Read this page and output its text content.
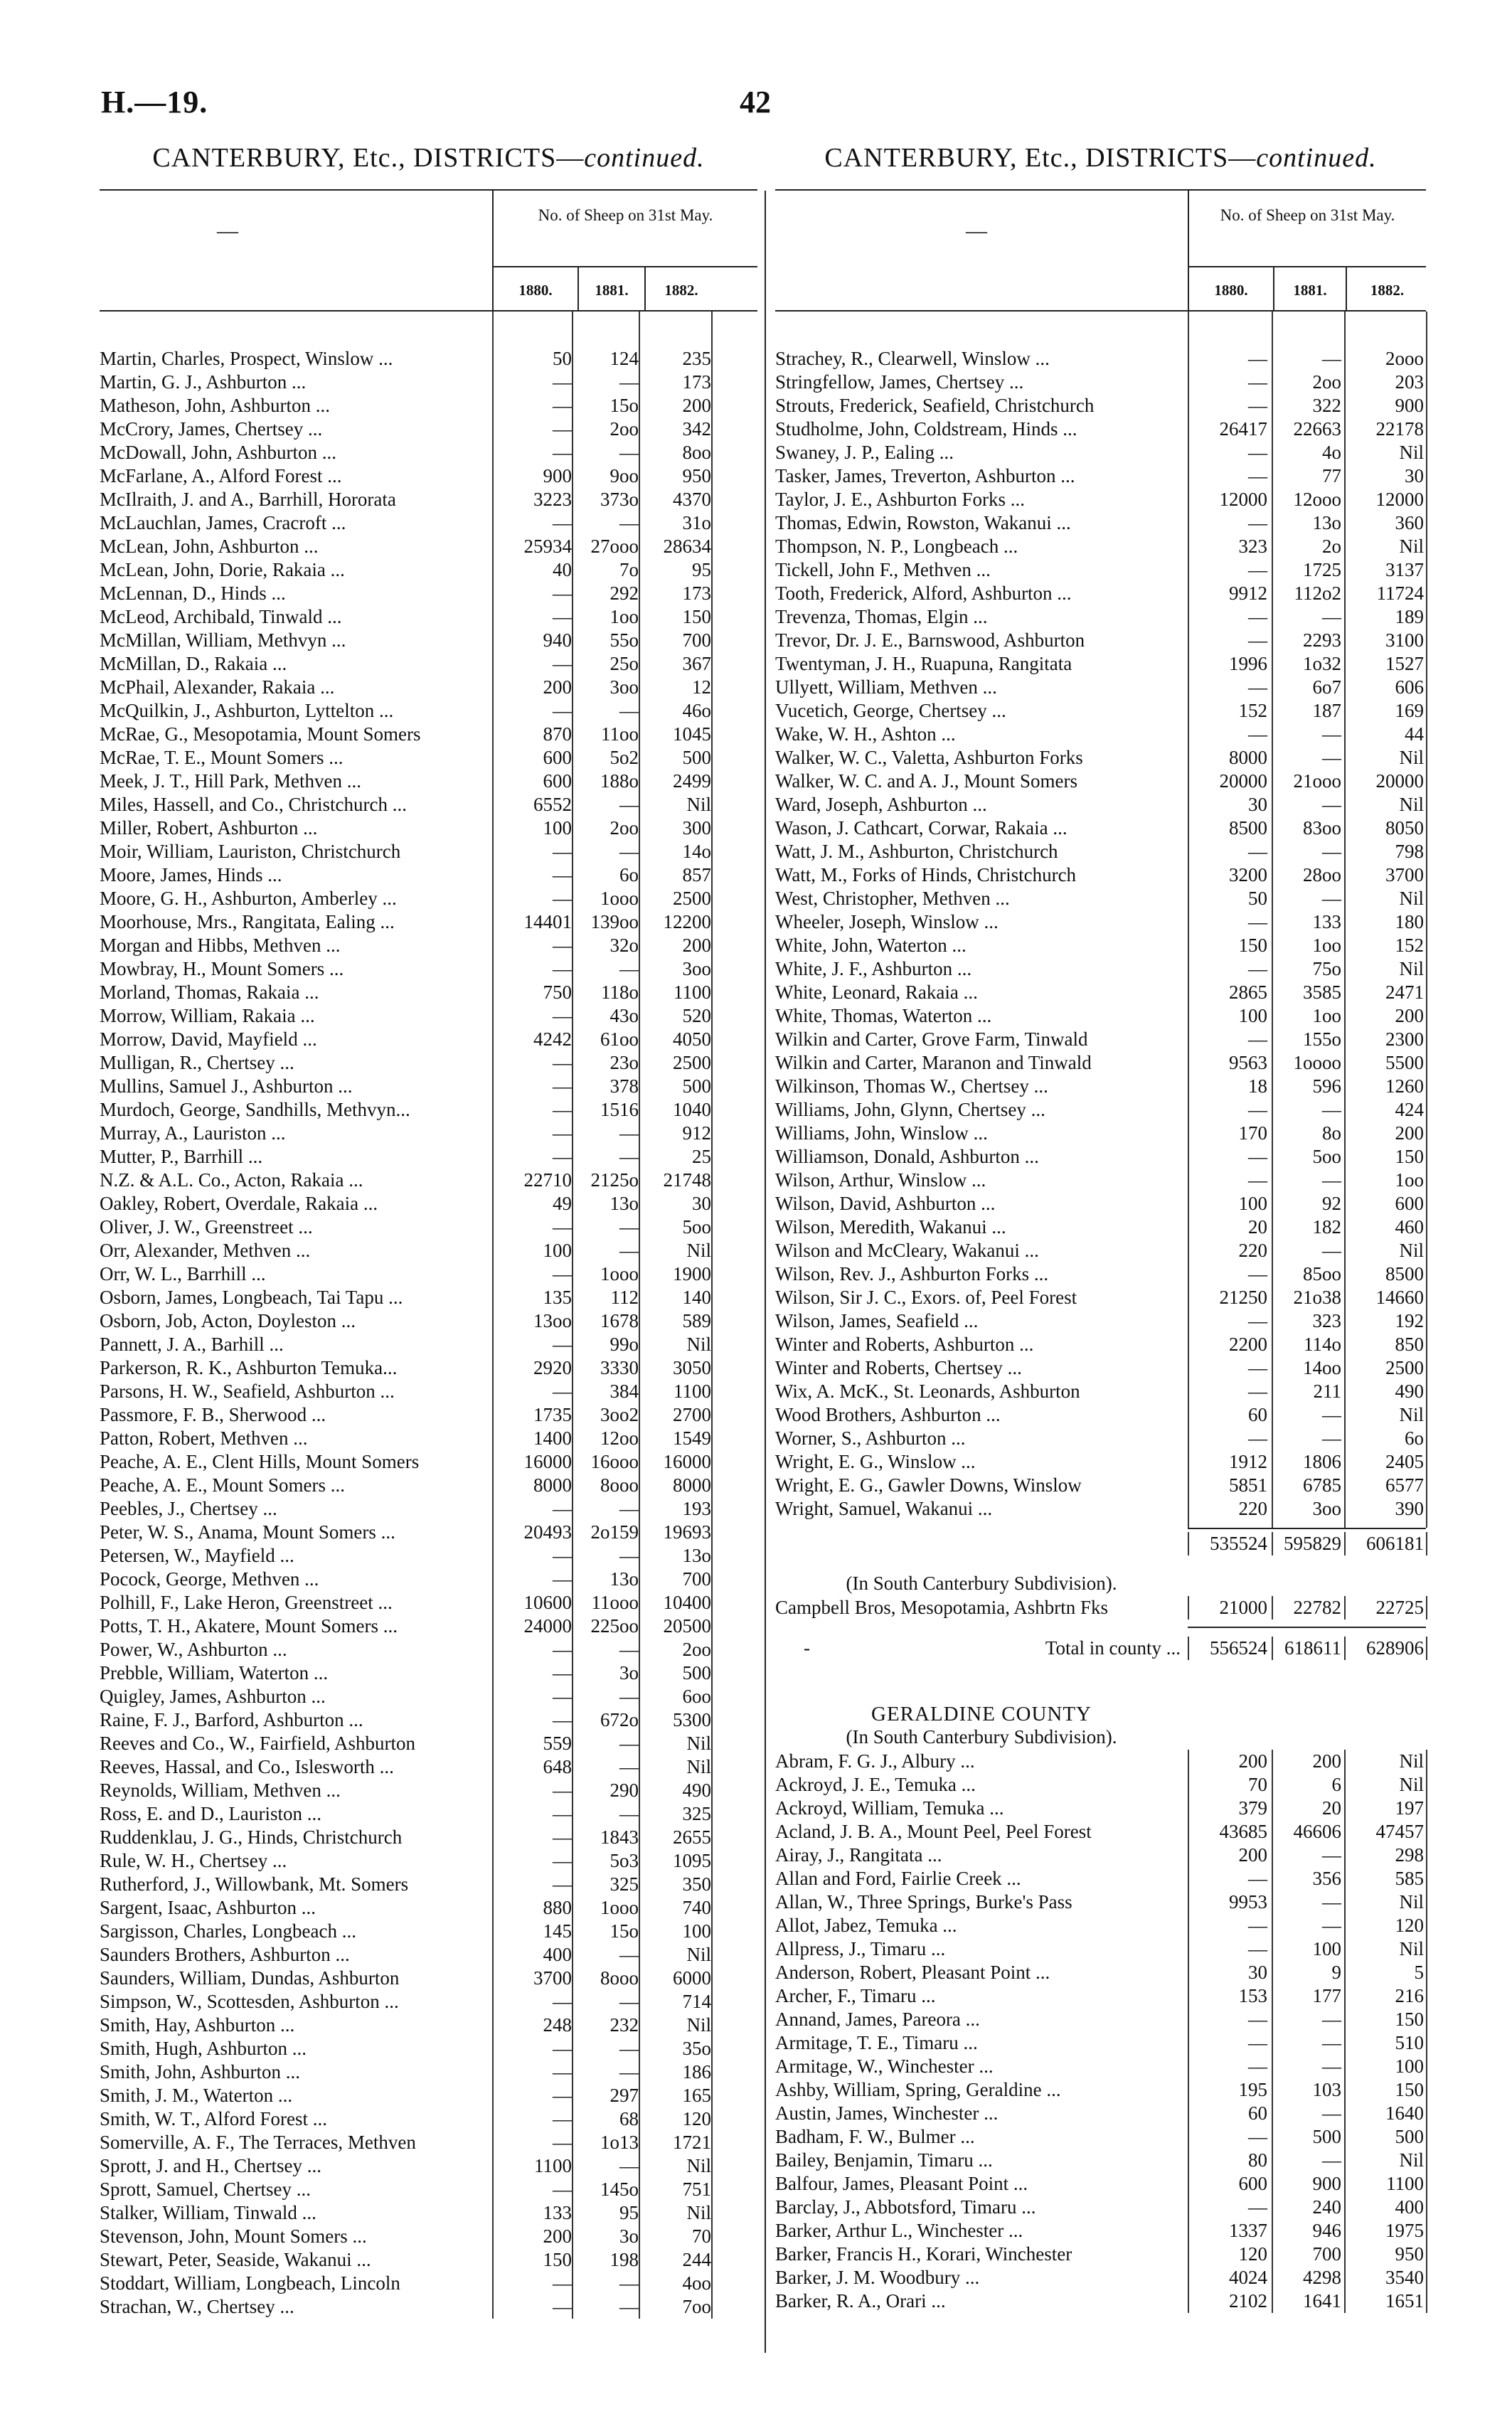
H.—19.	42
CANTERBURY, Etc., DISTRICTS—continued.
—
No. of Sheep on 31st May.
1880.	1881.	1882.
Martin, Charles, Prospect, Winslow ...	50	124	235
Martin, G. J., Ashburton ...	—	—	173
Matheson, John, Ashburton ...	—	15o	200
McCrory, James, Chertsey ...	—	2oo	342
McDowall, John, Ashburton ...	—	—	8oo
McFarlane, A., Alford Forest ...	900	9oo	950
McIlraith, J. and A., Barrhill, Hororata	3223	373o	4370
McLauchlan, James, Cracroft ...	—	—	31o
McLean, John, Ashburton ...	25934 27ooo	28634
McLean, John, Dorie, Rakaia ...	40	7o	95
McLennan, D., Hinds ...	—	292	173
McLeod, Archibald, Tinwald ...	—	1oo	150
McMillan, William, Methvyn ...	940	55o	700
McMillan, D., Rakaia ...	—	25o	367
McPhail, Alexander, Rakaia ...	200	3oo	12
McQuilkin, J., Ashburton, Lyttelton ...	—	—	46o
McRae, G., Mesopotamia, Mount Somers	870	11oo	1045
McRae, T. E., Mount Somers ...	600	5o2	500
Meek, J. T., Hill Park, Methven ...	600	188o	2499
Miles, Hassell, and Co., Christchurch ...	6552	—	Nil
Miller, Robert, Ashburton ...	100	2oo	300
Moir, William, Lauriston, Christchurch	—	—	14o
Moore, James, Hinds ...	—	6o	857
Moore, G. H., Ashburton, Amberley ...	—	1ooo	2500
Moorhouse, Mrs., Rangitata, Ealing ...	14401 139oo	12200
Morgan and Hibbs, Methven ...	—	32o	200
Mowbray, H., Mount Somers ...	—	—	3oo
Morland, Thomas, Rakaia ...	750	118o	1100
Morrow, William, Rakaia ...	—	43o	520
Morrow, David, Mayfield ...	4242	61oo	4050
Mulligan, R., Chertsey ...	—	23o	2500
Mullins, Samuel J., Ashburton ...	—	378	500
Murdoch, George, Sandhills, Methvyn...	—	1516	1040
Murray, A., Lauriston ...	—	—	912
Mutter, P., Barrhill ...	—	—	25
N.Z. & A.L. Co., Acton, Rakaia ...	22710 2125o	21748
Oakley, Robert, Overdale, Rakaia ...	49	13o	30
Oliver, J. W., Greenstreet ...	—	—	5oo
Orr, Alexander, Methven ...	100	—	Nil
Orr, W. L., Barrhill ...	—	1ooo	1900
Osborn, James, Longbeach, Tai Tapu ...	135	112	140
Osborn, Job, Acton, Doyleston ...	13oo	1678	589
Pannett, J. A., Barhill ...	—	99o	Nil
Parkerson, R. K., Ashburton Temuka...	2920	3330	3050
Parsons, H. W., Seafield, Ashburton ...	—	384	1100
Passmore, F. B., Sherwood ...	1735	3oo2	2700
Patton, Robert, Methven ...	1400	12oo	1549
Peache, A. E., Clent Hills, Mount Somers	16000 16ooo	16000
Peache, A. E., Mount Somers ...	8000	8ooo	8000
Peebles, J., Chertsey ...	—	—	193
Peter, W. S., Anama, Mount Somers ...	20493 2o159	19693
Petersen, W., Mayfield ...	—	—	13o
Pocock, George, Methven ...	—	13o	700
Polhill, F., Lake Heron, Greenstreet ...	10600	11ooo	10400
Potts, T. H., Akatere, Mount Somers ...	24000 225oo	20500
Power, W., Ashburton ...	—	—	2oo
Prebble, William, Waterton ...	—	3o	500
Quigley, James, Ashburton ...	—	—	6oo
Raine, F. J., Barford, Ashburton ...	—	672o	5300
Reeves and Co., W., Fairfield, Ashburton	559	—	Nil
Reeves, Hassal, and Co., Islesworth ...	648	—	Nil
Reynolds, William, Methven ...	—	290	490
Ross, E. and D., Lauriston ...	—	—	325
Ruddenklau, J. G., Hinds, Christchurch	—	1843	2655
Rule, W. H., Chertsey ...	—	5o3	1095
Rutherford, J., Willowbank, Mt. Somers	—	325	350
Sargent, Isaac, Ashburton ...	880	1ooo	740
Sargisson, Charles, Longbeach ...	145	15o	100
Saunders Brothers, Ashburton ...	400	—	Nil
Saunders, William, Dundas, Ashburton	3700	8ooo	6000
Simpson, W., Scottesden, Ashburton ...	—	—	714
Smith, Hay, Ashburton ...	248	232	Nil
Smith, Hugh, Ashburton ...	—	—	35o
Smith, John, Ashburton ...	—	—	186
Smith, J. M., Waterton ...	—	297	165
Smith, W. T., Alford Forest ...	—	68	120
Somerville, A. F., The Terraces, Methven	—	1o13	1721
Sprott, J. and H., Chertsey ...	1100	—	Nil
Sprott, Samuel, Chertsey ...	—	145o	751
Stalker, William, Tinwald ...	133	95	Nil
Stevenson, John, Mount Somers ...	200	3o	70
Stewart, Peter, Seaside, Wakanui ...	150	198	244
Stoddart, William, Longbeach, Lincoln	—	—	4oo
Strachan, W., Chertsey ...	—	—	7oo
CANTERBURY, Etc., DISTRICTS—continued.
—
No. of Sheep on 31st May.
1880.	1881.	1882.
Strachey, R., Clearwell, Winslow ...	—	—	2ooo
Stringfellow, James, Chertsey ...	—	2oo	203
Strouts, Frederick, Seafield, Christchurch	—	322	900
Studholme, John, Coldstream, Hinds ...	26417	22663	22178
Swaney, J. P., Ealing ...	—	4o	Nil
Tasker, James, Treverton, Ashburton ...	—	77	30
Taylor, J. E., Ashburton Forks ...	12000	12ooo	12000
Thomas, Edwin, Rowston, Wakanui ...	—	13o	360
Thompson, N. P., Longbeach ...	323	2o	Nil
Tickell, John F., Methven ...	—	1725	3137
Tooth, Frederick, Alford, Ashburton ...	9912	112o2	11724
Trevenza, Thomas, Elgin ...	—	—	189
Trevor, Dr. J. E., Barnswood, Ashburton	—	2293	3100
Twentyman, J. H., Ruapuna, Rangitata	1996	1o32	1527
Ullyett, William, Methven ...	—	6o7	606
Vucetich, George, Chertsey ...	152	187	169
Wake, W. H., Ashton ...	—	—	44
Walker, W. C., Valetta, Ashburton Forks	8000	—	Nil
Walker, W. C. and A. J., Mount Somers	20000	21ooo	20000
Ward, Joseph, Ashburton ...	30	—	Nil
Wason, J. Cathcart, Corwar, Rakaia ...	8500	83oo	8050
Watt, J. M., Ashburton, Christchurch	—	—	798
Watt, M., Forks of Hinds, Christchurch	3200	28oo	3700
West, Christopher, Methven ...	50	—	Nil
Wheeler, Joseph, Winslow ...	—	133	180
White, John, Waterton ...	150	1oo	152
White, J. F., Ashburton ...	—	75o	Nil
White, Leonard, Rakaia ...	2865	3585	2471
White, Thomas, Waterton ...	100	1oo	200
Wilkin and Carter, Grove Farm, Tinwald	—	155o	2300
Wilkin and Carter, Maranon and Tinwald	9563	1oooo	5500
Wilkinson, Thomas W., Chertsey ...	18	596	1260
Williams, John, Glynn, Chertsey ...	—	—	424
Williams, John, Winslow ...	170	8o	200
Williamson, Donald, Ashburton ...	—	5oo	150
Wilson, Arthur, Winslow ...	—	—	1oo
Wilson, David, Ashburton ...	100	92	600
Wilson, Meredith, Wakanui ...	20	182	460
Wilson and McCleary, Wakanui ...	220	—	Nil
Wilson, Rev. J., Ashburton Forks ...	—	85oo	8500
Wilson, Sir J. C., Exors. of, Peel Forest	21250	21o38	14660
Wilson, James, Seafield ...	—	323	192
Winter and Roberts, Ashburton ...	2200	114o	850
Winter and Roberts, Chertsey ...	—	14oo	2500
Wix, A. McK., St. Leonards, Ashburton	—	211	490
Wood Brothers, Ashburton ...	60	—	Nil
Worner, S., Ashburton ...	—	—	6o
Wright, E. G., Winslow ...	1912	1806	2405
Wright, E. G., Gawler Downs, Winslow	5851	6785	6577
Wright, Samuel, Wakanui ...	220	3oo	390
535524 595829	606181
(In South Canterbury Subdivision).
Campbell Bros, Mesopotamia, Ashbrtn Fks	21000	22782	22725
-	Total in county ...	556524 618611	628906
GERALDINE COUNTY
(In South Canterbury Subdivision).
Abram, F. G. J., Albury ...	200	200	Nil
Ackroyd, J. E., Temuka ...	70	6	Nil
Ackroyd, William, Temuka ...	379	20	197
Acland, J. B. A., Mount Peel, Peel Forest	43685	46606	47457
Airay, J., Rangitata ...	200	—	298
Allan and Ford, Fairlie Creek ...	—	356	585
Allan, W., Three Springs, Burke's Pass	9953	—	Nil
Allot, Jabez, Temuka ...	—	—	120
Allpress, J., Timaru ...	—	100	Nil
Anderson, Robert, Pleasant Point ...	30	9	5
Archer, F., Timaru ...	153	177	216
Annand, James, Pareora ...	—	—	150
Armitage, T. E., Timaru ...	—	—	510
Armitage, W., Winchester ...	—	—	100
Ashby, William, Spring, Geraldine ...	195	103	150
Austin, James, Winchester ...	60	—	1640
Badham, F. W., Bulmer ...	—	500	500
Bailey, Benjamin, Timaru ...	80	—	Nil
Balfour, James, Pleasant Point ...	600	900	1100
Barclay, J., Abbotsford, Timaru ...	—	240	400
Barker, Arthur L., Winchester ...	1337	946	1975
Barker, Francis H., Korari, Winchester	120	700	950
Barker, J. M. Woodbury ...	4024	4298	3540
Barker, R. A., Orari ...	2102	1641	1651
